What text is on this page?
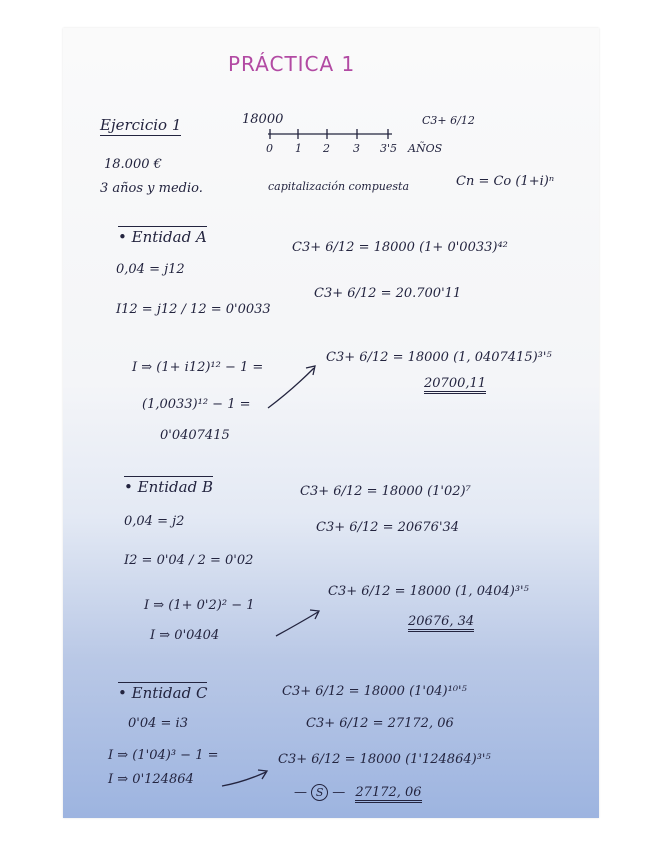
PRÁCTICA 1
Ejercicio 1	18000	C3+ 6/12
0 1 2 3 3'5 AÑOS
18.000 €
3 años y medio.	capitalización compuesta	Cn = Co (1+i)ⁿ
• Entidad A
0,04 = j12
I12 = j12 / 12 = 0'0033
I ⇒ (1+ i12)¹² − 1 =
(1,0033)¹² − 1 =
0'0407415
C3+ 6/12 = 18000 (1+ 0'0033)⁴²
C3+ 6/12 = 20.700'11
C3+ 6/12 = 18000 (1, 0407415)³'⁵
20700,11
• Entidad B
0,04 = j2
I2 = 0'04 / 2 = 0'02
I ⇒ (1+ 0'2)² − 1
I ⇒ 0'0404
C3+ 6/12 = 18000 (1'02)⁷
C3+ 6/12 = 20676'34
C3+ 6/12 = 18000 (1, 0404)³'⁵
20676, 34
• Entidad C
0'04 = i3
I ⇒ (1'04)³ − 1 =
I ⇒ 0'124864
C3+ 6/12 = 18000 (1'04)¹⁰'⁵
C3+ 6/12 = 27172, 06
C3+ 6/12 = 18000 (1'124864)³'⁵
— S — 27172, 06
